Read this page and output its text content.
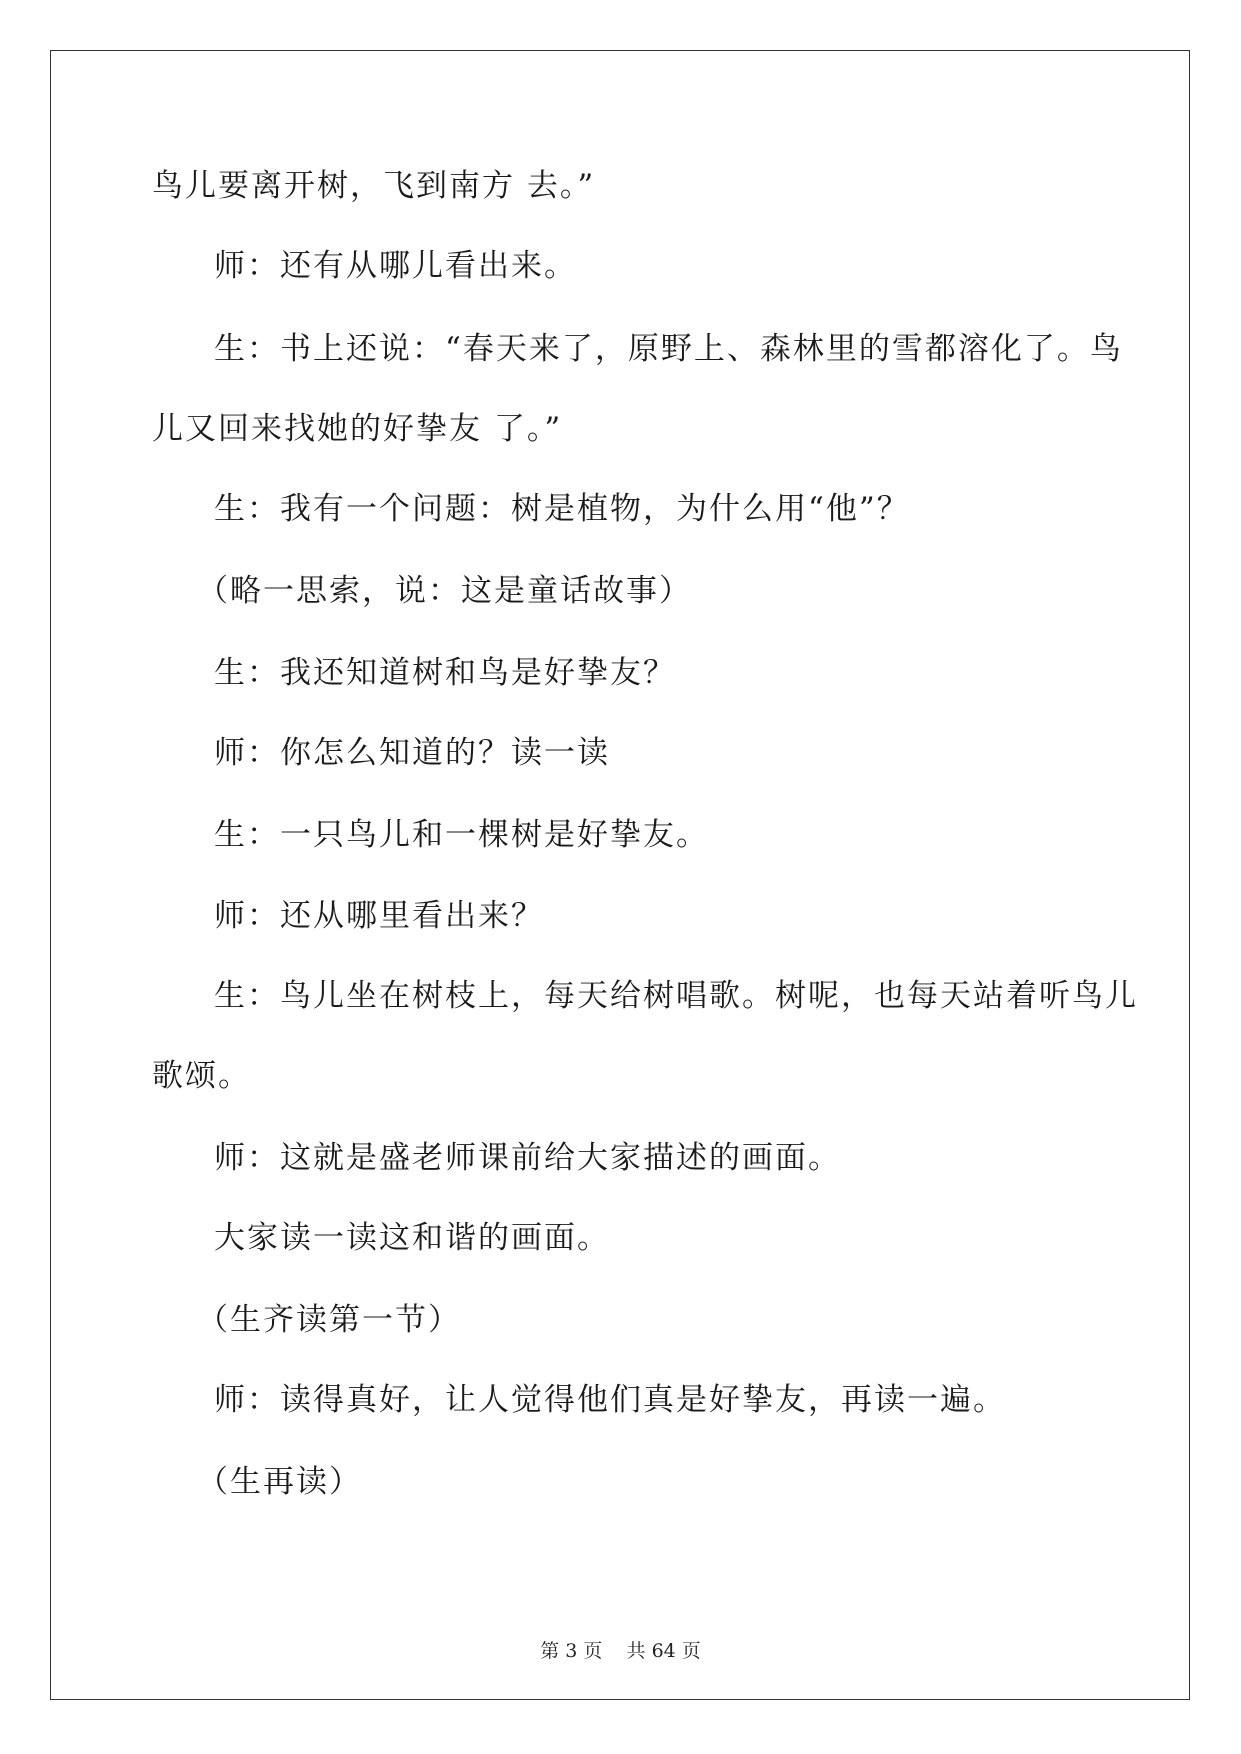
鸟儿要离开树，飞到南方 去。”
师：还有从哪儿看出来。
生：书上还说：“春天来了，原野上、森林里的雪都溶化了。鸟
儿又回来找她的好挚友 了。”
生：我有一个问题：树是植物，为什么用“他”？
（略一思索，说：这是童话故事）
生：我还知道树和鸟是好挚友？
师：你怎么知道的？读一读
生：一只鸟儿和一棵树是好挚友。
师：还从哪里看出来？
生：鸟儿坐在树枝上，每天给树唱歌。树呢，也每天站着听鸟儿
歌颂。
师：这就是盛老师课前给大家描述的画面。
大家读一读这和谐的画面。
（生齐读第一节）
师：读得真好，让人觉得他们真是好挚友，再读一遍。
（生再读）
第 3 页    共 64 页
